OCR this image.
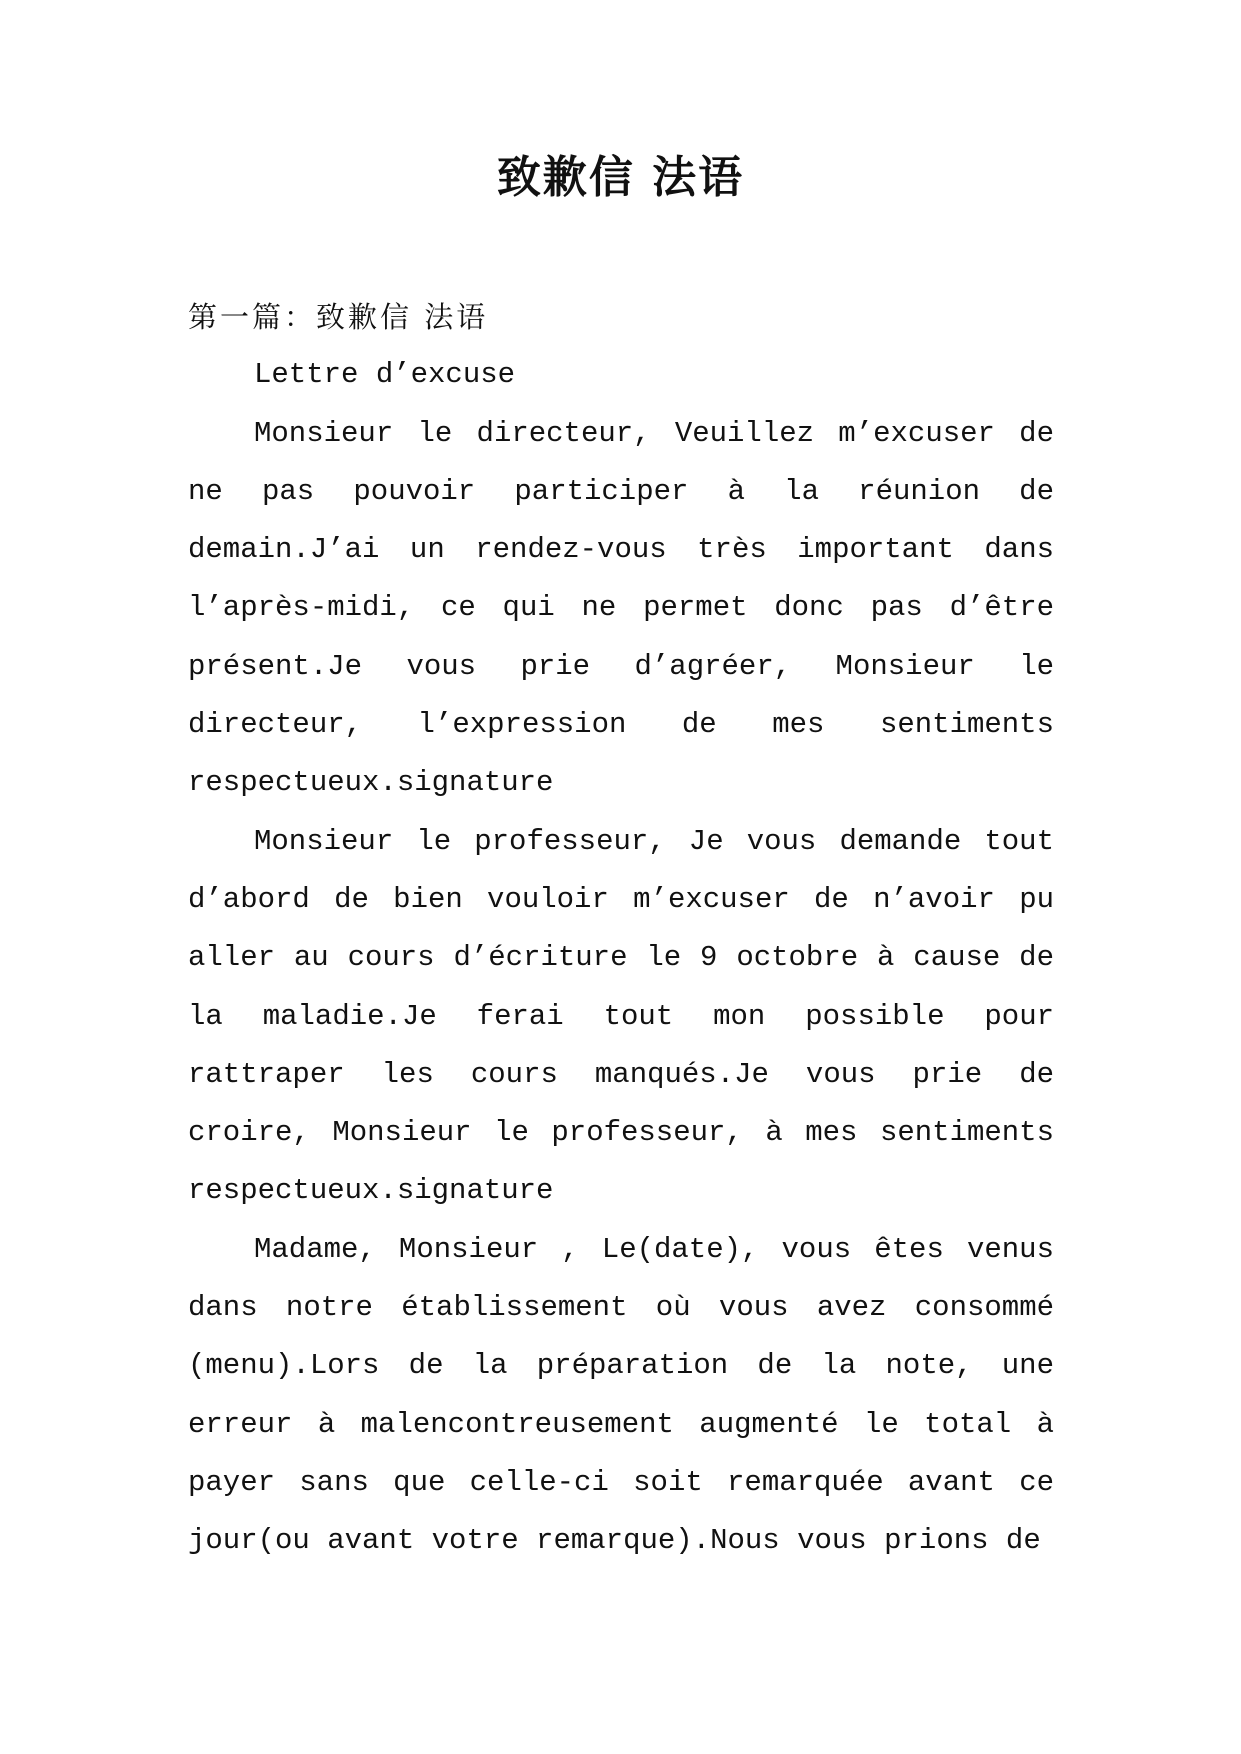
致歉信 法语

第一篇：致歉信 法语

Lettre d’excuse

Monsieur le directeur, Veuillez m’excuser de ne pas pouvoir participer à la réunion de demain.J’ai un rendez-vous très important dans l’après-midi, ce qui ne permet donc pas d’être présent.Je vous prie d’agréer, Monsieur le directeur, l’expression de mes sentiments respectueux.signature

Monsieur le professeur, Je vous demande tout d’abord de bien vouloir m’excuser de n’avoir pu aller au cours d’écriture le 9 octobre à cause de la maladie.Je ferai tout mon possible pour rattraper les cours manqués.Je vous prie de croire, Monsieur le professeur, à mes sentiments respectueux.signature

Madame, Monsieur , Le(date), vous êtes venus dans notre établissement où vous avez consommé (menu).Lors de la préparation de la note, une erreur à malencontreusement augmenté le total à payer sans que celle-ci soit remarquée avant ce jour(ou avant votre remarque).Nous vous prions de
